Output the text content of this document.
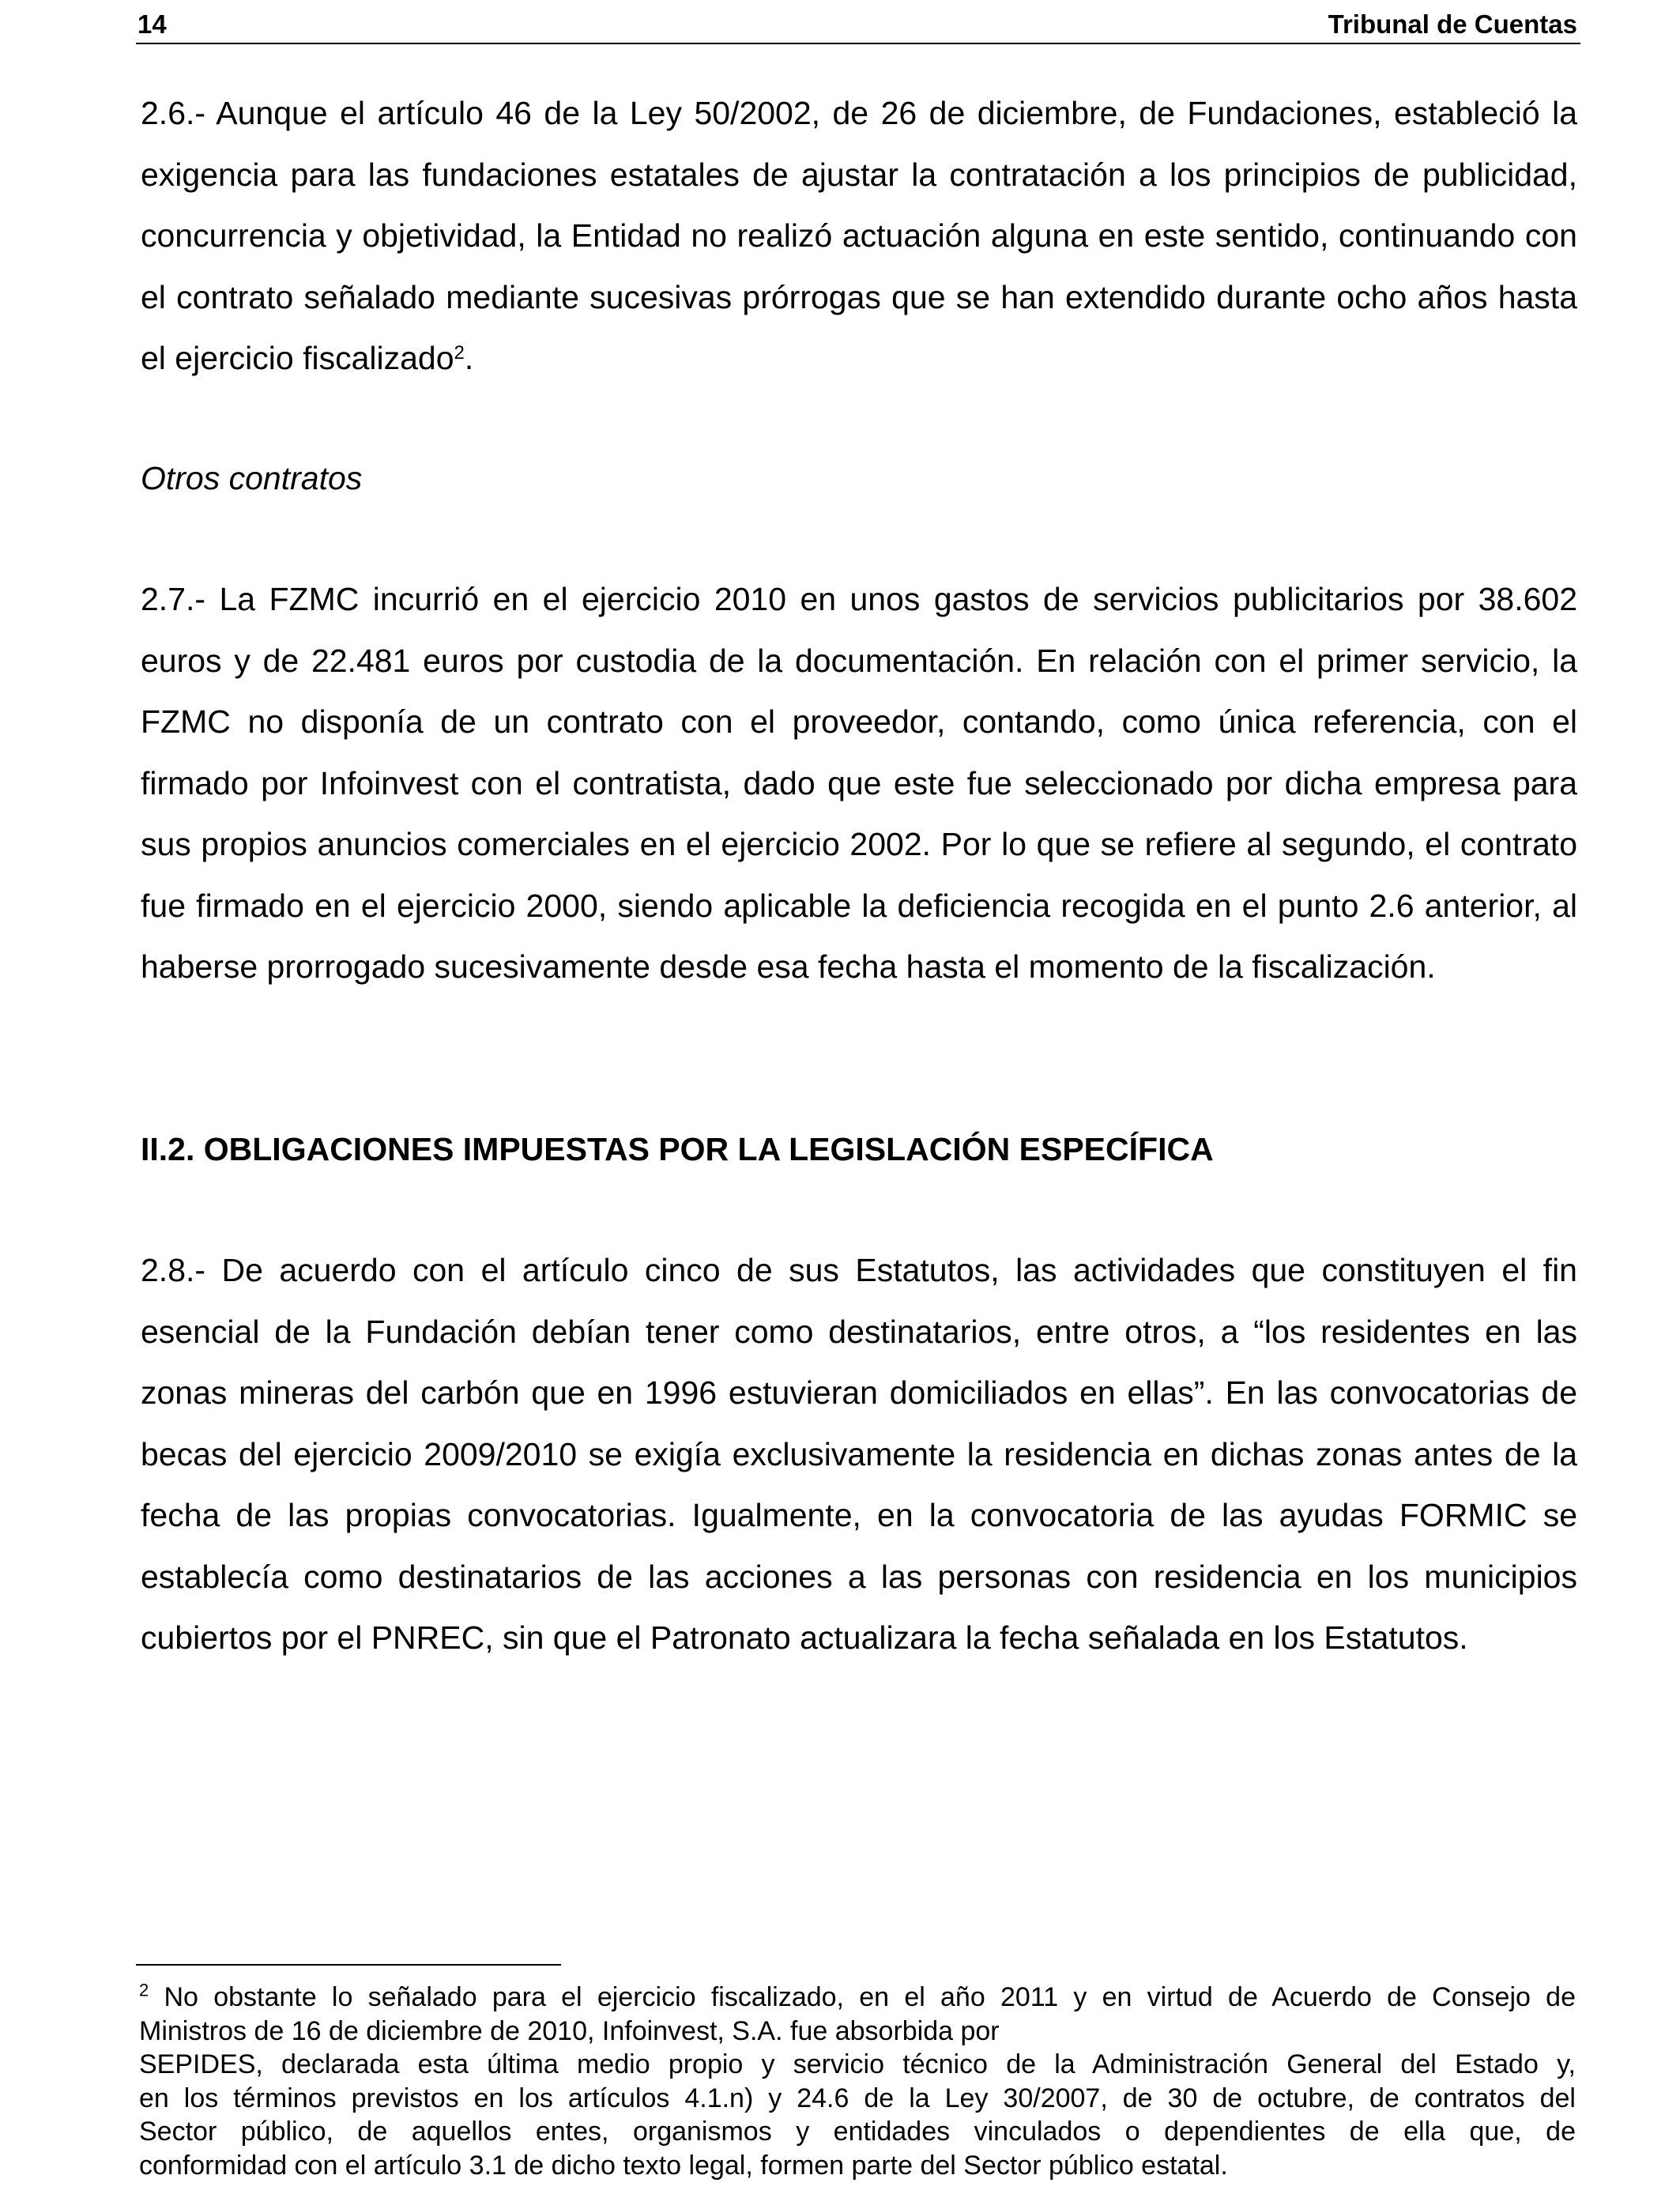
14	Tribunal de Cuentas

2.6.- Aunque el artículo 46 de la Ley 50/2002, de 26 de diciembre, de Fundaciones, estableció la exigencia para las fundaciones estatales de ajustar la contratación a los principios de publicidad, concurrencia y objetividad, la Entidad no realizó actuación alguna en este sentido, continuando con el contrato señalado mediante sucesivas prórrogas que se han extendido durante ocho años hasta el ejercicio fiscalizado$^2$.

Otros contratos

2.7.- La FZMC incurrió en el ejercicio 2010 en unos gastos de servicios publicitarios por 38.602 euros y de 22.481 euros por custodia de la documentación. En relación con el primer servicio, la FZMC no disponía de un contrato con el proveedor, contando, como única referencia, con el firmado por Infoinvest con el contratista, dado que este fue seleccionado por dicha empresa para sus propios anuncios comerciales en el ejercicio 2002. Por lo que se refiere al segundo, el contrato fue firmado en el ejercicio 2000, siendo aplicable la deficiencia recogida en el punto 2.6 anterior, al haberse prorrogado sucesivamente desde esa fecha hasta el momento de la fiscalización.

II.2. OBLIGACIONES IMPUESTAS POR LA LEGISLACIÓN ESPECÍFICA

2.8.- De acuerdo con el artículo cinco de sus Estatutos, las actividades que constituyen el fin esencial de la Fundación debían tener como destinatarios, entre otros, a “los residentes en las zonas mineras del carbón que en 1996 estuvieran domiciliados en ellas”. En las convocatorias de becas del ejercicio 2009/2010 se exigía exclusivamente la residencia en dichas zonas antes de la fecha de las propias convocatorias. Igualmente, en la convocatoria de las ayudas FORMIC se establecía como destinatarios de las acciones a las personas con residencia en los municipios cubiertos por el PNREC, sin que el Patronato actualizara la fecha señalada en los Estatutos.

$^2$ No obstante lo señalado para el ejercicio fiscalizado, en el año 2011 y en virtud de Acuerdo de Consejo de
Ministros de 16 de diciembre de 2010, Infoinvest, S.A. fue absorbida por
SEPIDES, declarada esta última medio propio y servicio técnico de la Administración General del Estado y,
en los términos previstos en los artículos 4.1.n) y 24.6 de la Ley 30/2007, de 30 de octubre, de contratos del
Sector público, de aquellos entes, organismos y entidades vinculados o dependientes de ella que, de
conformidad con el artículo 3.1 de dicho texto legal, formen parte del Sector público estatal.
